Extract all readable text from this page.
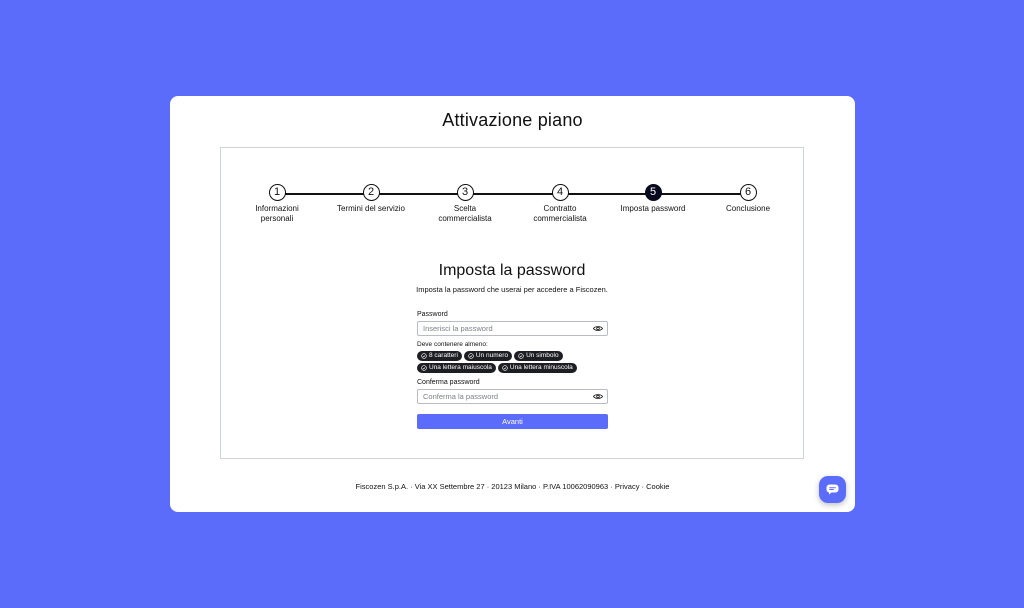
Attivazione piano
1
Informazioni
personali
2
Termini del servizio
3
Scelta
commercialista
4
Contratto
commercialista
5
Imposta password
6
Conclusione
Imposta la password
Imposta la password che userai per accedere a Fiscozen.
Password
Deve contenere almeno:
8 caratteri	Un numero	Un simbolo
Una lettera maiuscola	Una lettera minuscola
Conferma password
Avanti
Fiscozen S.p.A. · Via XX Settembre 27 · 20123 Milano · P.IVA 10062090963 · Privacy · Cookie
